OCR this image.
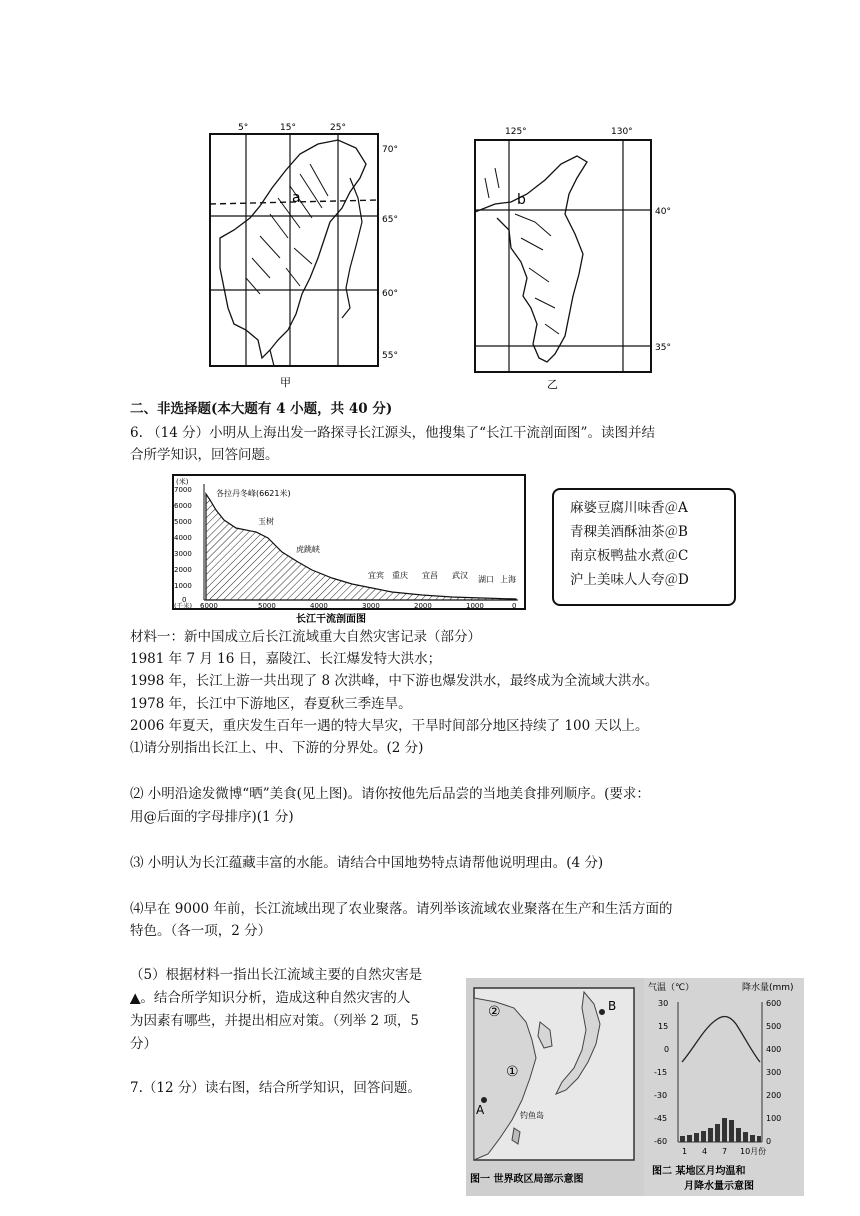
5°	15°	25°
70°
65°
60°
55°
a
甲
125°	130°
40°
35°
b
乙
二、非选择题(本大题有 4 小题，共 40 分)
6. （14 分）小明从上海出发一路探寻长江源头，他搜集了“长江干流剖面图”。读图并结
合所学知识，回答问题。
(米)
7000
6000
5000
4000
3000
2000
1000
0
(千米) 6000	5000	4000	3000	2000	1000	0
各拉丹冬峰(6621米)
玉树
虎跳峡
宜宾 重庆 宜昌 武汉 湖口 上海
长江干流剖面图
麻婆豆腐川味香＠A
青稞美酒酥油茶＠B
南京板鸭盐水煮＠C
沪上美味人人夸＠D
材料一：新中国成立后长江流域重大自然灾害记录（部分）
1981 年 7 月 16 日，嘉陵江、长江爆发特大洪水；
1998 年，长江上游一共出现了 8 次洪峰，中下游也爆发洪水，最终成为全流域大洪水。
1978 年，长江中下游地区，春夏秋三季连旱。
2006 年夏天，重庆发生百年一遇的特大旱灾，干旱时间部分地区持续了 100 天以上。
⑴请分别指出长江上、中、下游的分界处。(2 分)
⑵ 小明沿途发微博“晒”美食(见上图)。请你按他先后品尝的当地美食排列顺序。(要求：
用@后面的字母排序)(1 分)
⑶ 小明认为长江蕴藏丰富的水能。请结合中国地势特点请帮他说明理由。(4 分)
⑷早在 9000 年前，长江流域出现了农业聚落。请列举该流域农业聚落在生产和生活方面的
特色。（各一项，2 分）
（5）根据材料一指出长江流域主要的自然灾害是
▲。结合所学知识分析，造成这种自然灾害的人
为因素有哪些，并提出相应对策。（列举 2 项，5
分）
7.（12 分）读右图，结合所学知识，回答问题。
②
①
A
B
钓鱼岛
图一 世界政区局部示意图
气温（℃）	降水量(mm)
30
15
0
-15
-30
-45
-60
600
500
400
300
200
100
0
1 4 7 10月份
图二 某地区月均温和
月降水量示意图
